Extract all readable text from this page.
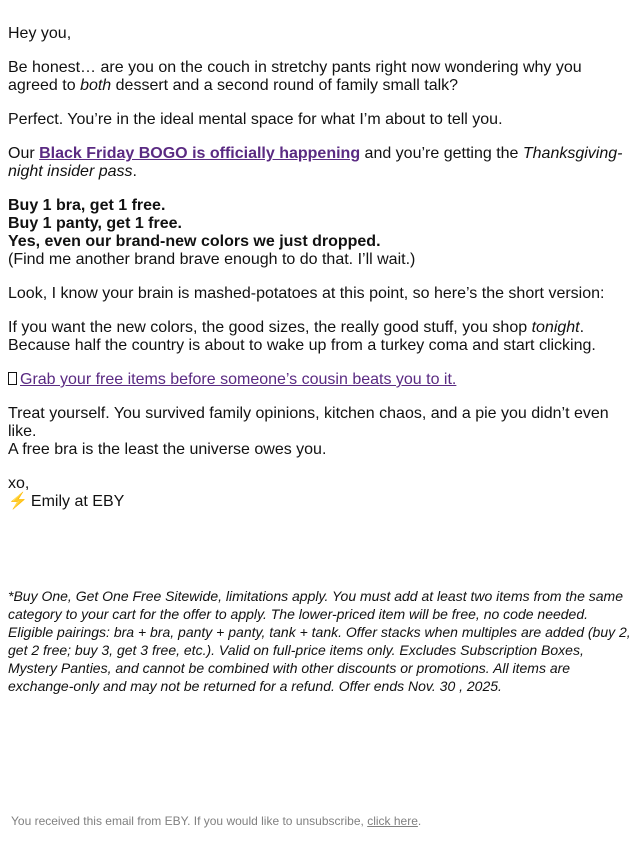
Hey you,

Be honest… are you on the couch in stretchy pants right now wondering why you agreed to both dessert and a second round of family small talk?

Perfect. You’re in the ideal mental space for what I’m about to tell you.

Our Black Friday BOGO is officially happening and you’re getting the Thanksgiving-night insider pass.

Buy 1 bra, get 1 free.
Buy 1 panty, get 1 free.
Yes, even our brand-new colors we just dropped.
(Find me another brand brave enough to do that. I’ll wait.)

Look, I know your brain is mashed-potatoes at this point, so here’s the short version:

If you want the new colors, the good sizes, the really good stuff, you shop tonight. Because half the country is about to wake up from a turkey coma and start clicking.

Grab your free items before someone’s cousin beats you to it.

Treat yourself. You survived family opinions, kitchen chaos, and a pie you didn’t even like.
A free bra is the least the universe owes you.

xo,
⚡ Emily at EBY

*Buy One, Get One Free Sitewide, limitations apply. You must add at least two items from the same category to your cart for the offer to apply. The lower-priced item will be free, no code needed. Eligible pairings: bra + bra, panty + panty, tank + tank. Offer stacks when multiples are added (buy 2, get 2 free; buy 3, get 3 free, etc.). Valid on full-price items only. Excludes Subscription Boxes, Mystery Panties, and cannot be combined with other discounts or promotions. All items are exchange-only and may not be returned for a refund. Offer ends Nov. 30 , 2025.

You received this email from EBY. If you would like to unsubscribe, click here.
